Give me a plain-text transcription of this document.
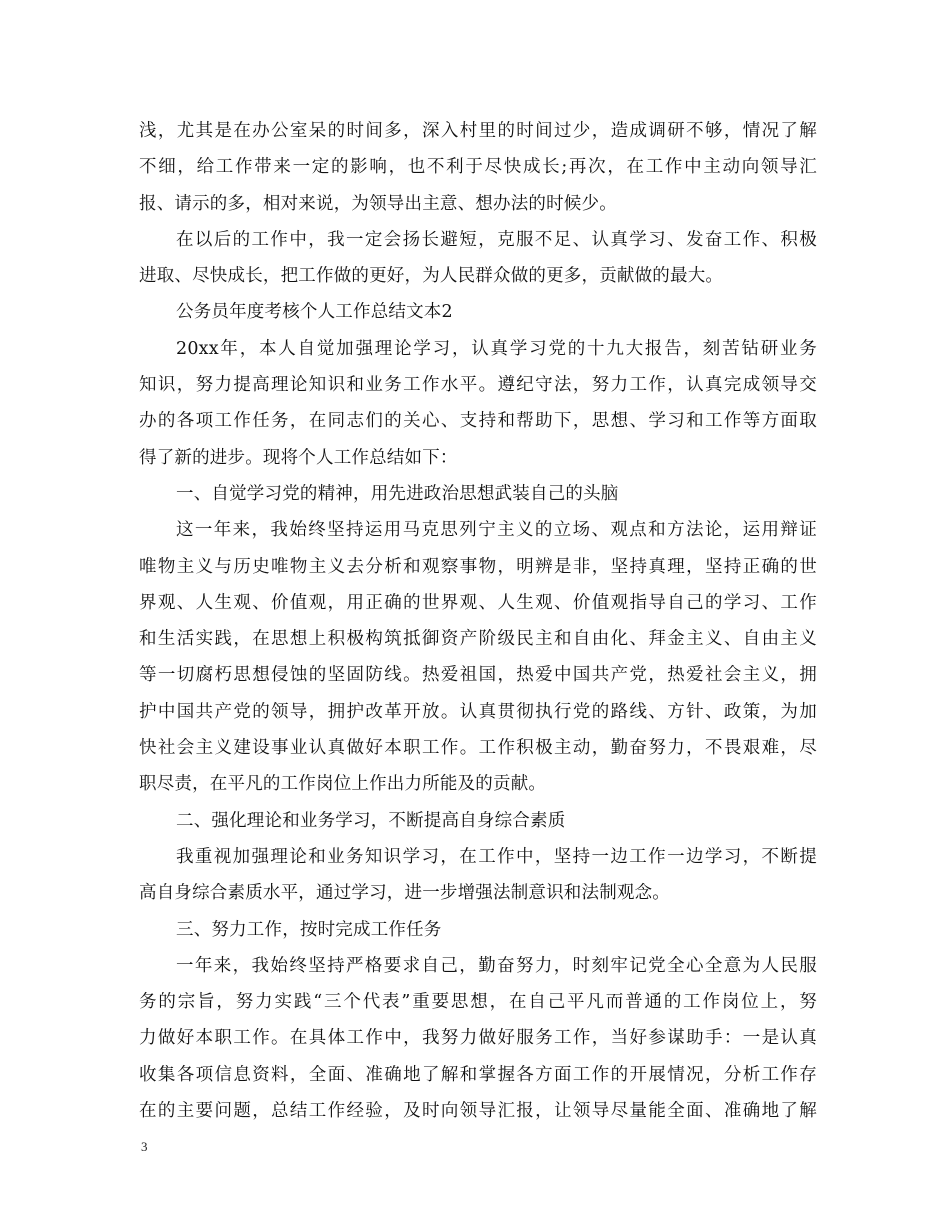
浅，尤其是在办公室呆的时间多，深入村里的时间过少，造成调研不够，情况了解
不细，给工作带来一定的影响，也不利于尽快成长;再次，在工作中主动向领导汇
报、请示的多，相对来说，为领导出主意、想办法的时候少。
在以后的工作中，我一定会扬长避短，克服不足、认真学习、发奋工作、积极
进取、尽快成长，把工作做的更好，为人民群众做的更多，贡献做的最大。
公务员年度考核个人工作总结文本2
20xx年，本人自觉加强理论学习，认真学习党的十九大报告，刻苦钻研业务
知识，努力提高理论知识和业务工作水平。遵纪守法，努力工作，认真完成领导交
办的各项工作任务，在同志们的关心、支持和帮助下，思想、学习和工作等方面取
得了新的进步。现将个人工作总结如下：
一、自觉学习党的精神，用先进政治思想武装自己的头脑
这一年来，我始终坚持运用马克思列宁主义的立场、观点和方法论，运用辩证
唯物主义与历史唯物主义去分析和观察事物，明辨是非，坚持真理，坚持正确的世
界观、人生观、价值观，用正确的世界观、人生观、价值观指导自己的学习、工作
和生活实践，在思想上积极构筑抵御资产阶级民主和自由化、拜金主义、自由主义
等一切腐朽思想侵蚀的坚固防线。热爱祖国，热爱中国共产党，热爱社会主义，拥
护中国共产党的领导，拥护改革开放。认真贯彻执行党的路线、方针、政策，为加
快社会主义建设事业认真做好本职工作。工作积极主动，勤奋努力，不畏艰难，尽
职尽责，在平凡的工作岗位上作出力所能及的贡献。
二、强化理论和业务学习，不断提高自身综合素质
我重视加强理论和业务知识学习，在工作中，坚持一边工作一边学习，不断提
高自身综合素质水平，通过学习，进一步增强法制意识和法制观念。
三、努力工作，按时完成工作任务
一年来，我始终坚持严格要求自己，勤奋努力，时刻牢记党全心全意为人民服
务的宗旨，努力实践“三个代表”重要思想，在自己平凡而普通的工作岗位上，努
力做好本职工作。在具体工作中，我努力做好服务工作，当好参谋助手：一是认真
收集各项信息资料，全面、准确地了解和掌握各方面工作的开展情况，分析工作存
在的主要问题，总结工作经验，及时向领导汇报，让领导尽量能全面、准确地了解
3
